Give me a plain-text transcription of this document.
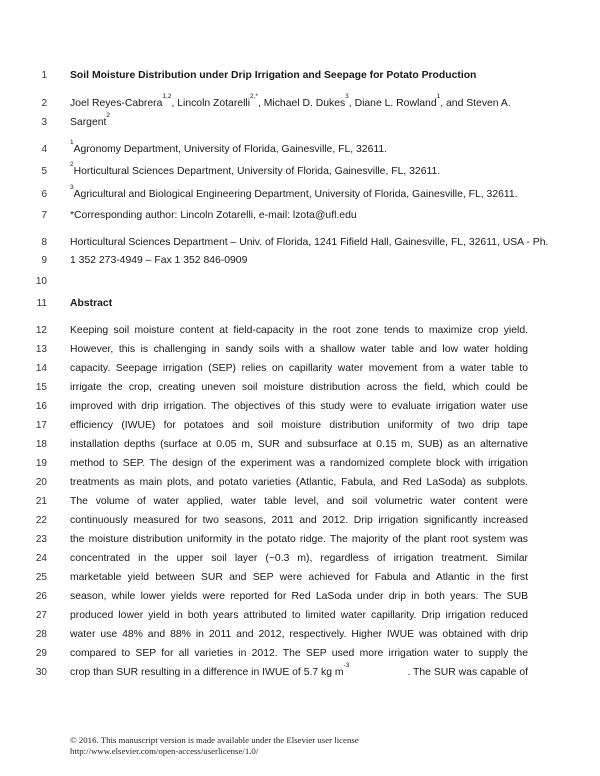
1 Soil Moisture Distribution under Drip Irrigation and Seepage for Potato Production
2 Joel Reyes-Cabrera$^{1,2}$, Lincoln Zotarelli$^{2,*}$, Michael D. Dukes$^3$, Diane L. Rowland$^1$, and Steven A.
3 Sargent$^2$
4
$^1$Agronomy Department, University of Florida, Gainesville, FL, 32611.
5
$^2$Horticultural Sciences Department, University of Florida, Gainesville, FL, 32611.
6
$^3$Agricultural and Biological Engineering Department, University of Florida, Gainesville, FL, 32611.
7 *Corresponding author: Lincoln Zotarelli, e-mail: lzota@ufl.edu
8 Horticultural Sciences Department – Univ. of Florida, 1241 Fifield Hall, Gainesville, FL, 32611, USA - Ph.
9 1 352 273-4949 – Fax 1 352 846-0909
10
11 Abstract
12 Keeping soil moisture content at field-capacity in the root zone tends to maximize crop yield.
13 However, this is challenging in sandy soils with a shallow water table and low water holding
14 capacity. Seepage irrigation (SEP) relies on capillarity water movement from a water table to
15 irrigate the crop, creating uneven soil moisture distribution across the field, which could be
16 improved with drip irrigation. The objectives of this study were to evaluate irrigation water use
17 efficiency (IWUE) for potatoes and soil moisture distribution uniformity of two drip tape
18 installation depths (surface at 0.05 m, SUR and subsurface at 0.15 m, SUB) as an alternative
19 method to SEP. The design of the experiment was a randomized complete block with irrigation
20 treatments as main plots, and potato varieties (Atlantic, Fabula, and Red LaSoda) as subplots.
21 The volume of water applied, water table level, and soil volumetric water content were
22 continuously measured for two seasons, 2011 and 2012. Drip irrigation significantly increased
23 the moisture distribution uniformity in the potato ridge. The majority of the plant root system was
24 concentrated in the upper soil layer (~0.3 m), regardless of irrigation treatment. Similar
25 marketable yield between SUR and SEP were achieved for Fabula and Atlantic in the first
26 season, while lower yields were reported for Red LaSoda under drip in both years. The SUB
27 produced lower yield in both years attributed to limited water capillarity. Drip irrigation reduced
28 water use 48% and 88% in 2011 and 2012, respectively. Higher IWUE was obtained with drip
29 compared to SEP for all varieties in 2012. The SEP used more irrigation water to supply the
30 crop than SUR resulting in a difference in IWUE of 5.7 kg $m^{-3}$
. The SUR was capable of
© 2016. This manuscript version is made available under the Elsevier user license
http://www.elsevier.com/open-access/userlicense/1.0/
